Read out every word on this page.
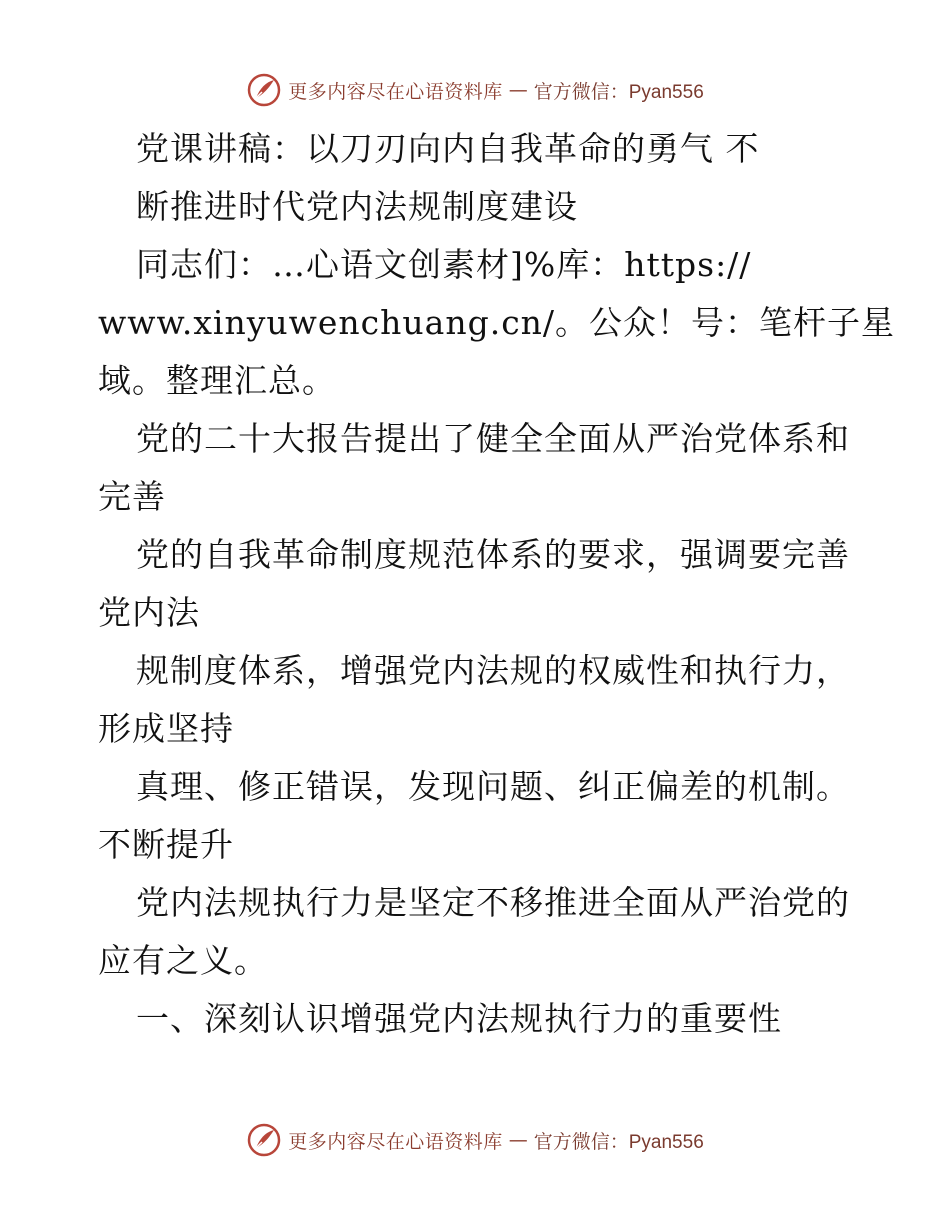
更多内容尽在心语资料库 — 官方微信：Pyan556
党课讲稿：以刀刃向内自我革命的勇气 不
断推进时代党内法规制度建设
同志们：…心语文创素材]%库：https://
www.xinyuwenchuang.cn/。公众！号：笔杆子星
域。整理汇总。
党的二十大报告提出了健全全面从严治党体系和
完善
党的自我革命制度规范体系的要求，强调要完善
党内法
规制度体系，增强党内法规的权威性和执行力，
形成坚持
真理、修正错误，发现问题、纠正偏差的机制。
不断提升
党内法规执行力是坚定不移推进全面从严治党的
应有之义。
一、深刻认识增强党内法规执行力的重要性
更多内容尽在心语资料库 — 官方微信：Pyan556
